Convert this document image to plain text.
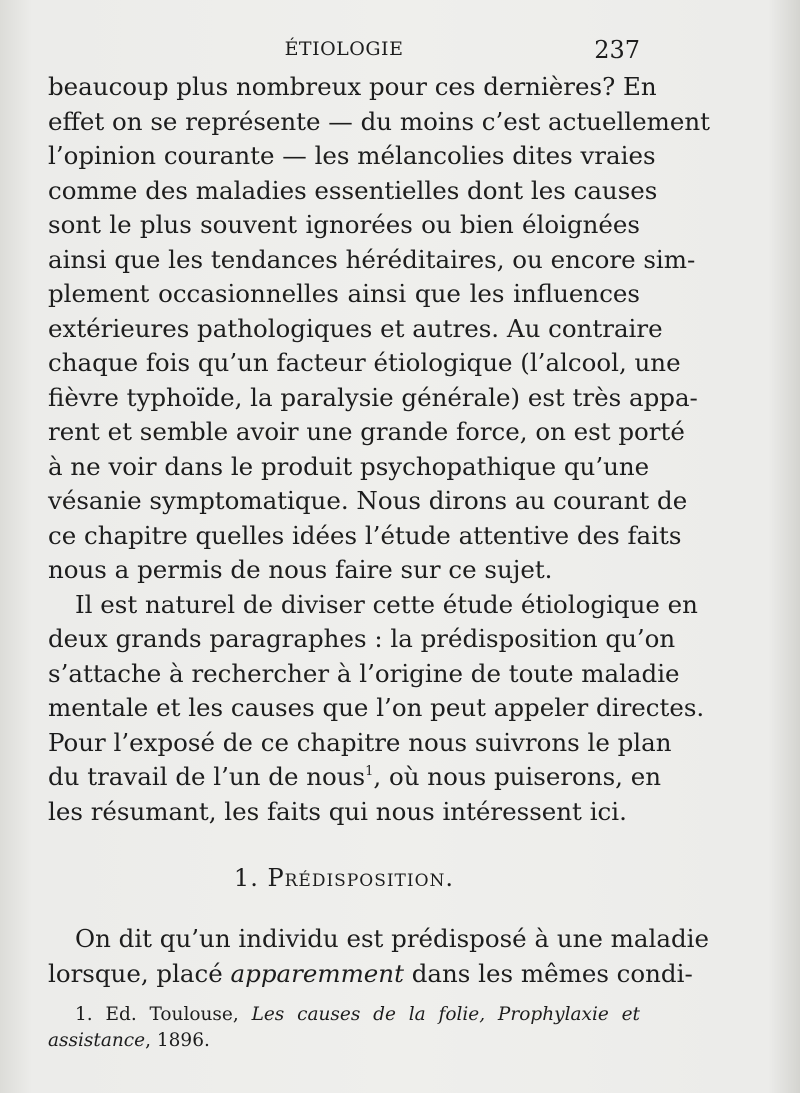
ÉTIOLOGIE	237

beaucoup plus nombreux pour ces dernières? En
effet on se représente — du moins c’est actuellement
l’opinion courante — les mélancolies dites vraies
comme des maladies essentielles dont les causes
sont le plus souvent ignorées ou bien éloignées
ainsi que les tendances héréditaires, ou encore sim-
plement occasionnelles ainsi que les influences
extérieures pathologiques et autres. Au contraire
chaque fois qu’un facteur étiologique (l’alcool, une
fièvre typhoïde, la paralysie générale) est très appa-
rent et semble avoir une grande force, on est porté
à ne voir dans le produit psychopathique qu’une
vésanie symptomatique. Nous dirons au courant de
ce chapitre quelles idées l’étude attentive des faits
nous a permis de nous faire sur ce sujet.

Il est naturel de diviser cette étude étiologique en
deux grands paragraphes : la prédisposition qu’on
s’attache à rechercher à l’origine de toute maladie
mentale et les causes que l’on peut appeler directes.
Pour l’exposé de ce chapitre nous suivrons le plan
du travail de l’un de nous$^1$, où nous puiserons, en
les résumant, les faits qui nous intéressent ici.

1. Prédisposition.
On dit qu’un individu est prédisposé à une maladie
lorsque, placé apparemment dans les mêmes condi-
1. Ed. Toulouse, Les causes de la folie, Prophylaxie et
assistance, 1896.
